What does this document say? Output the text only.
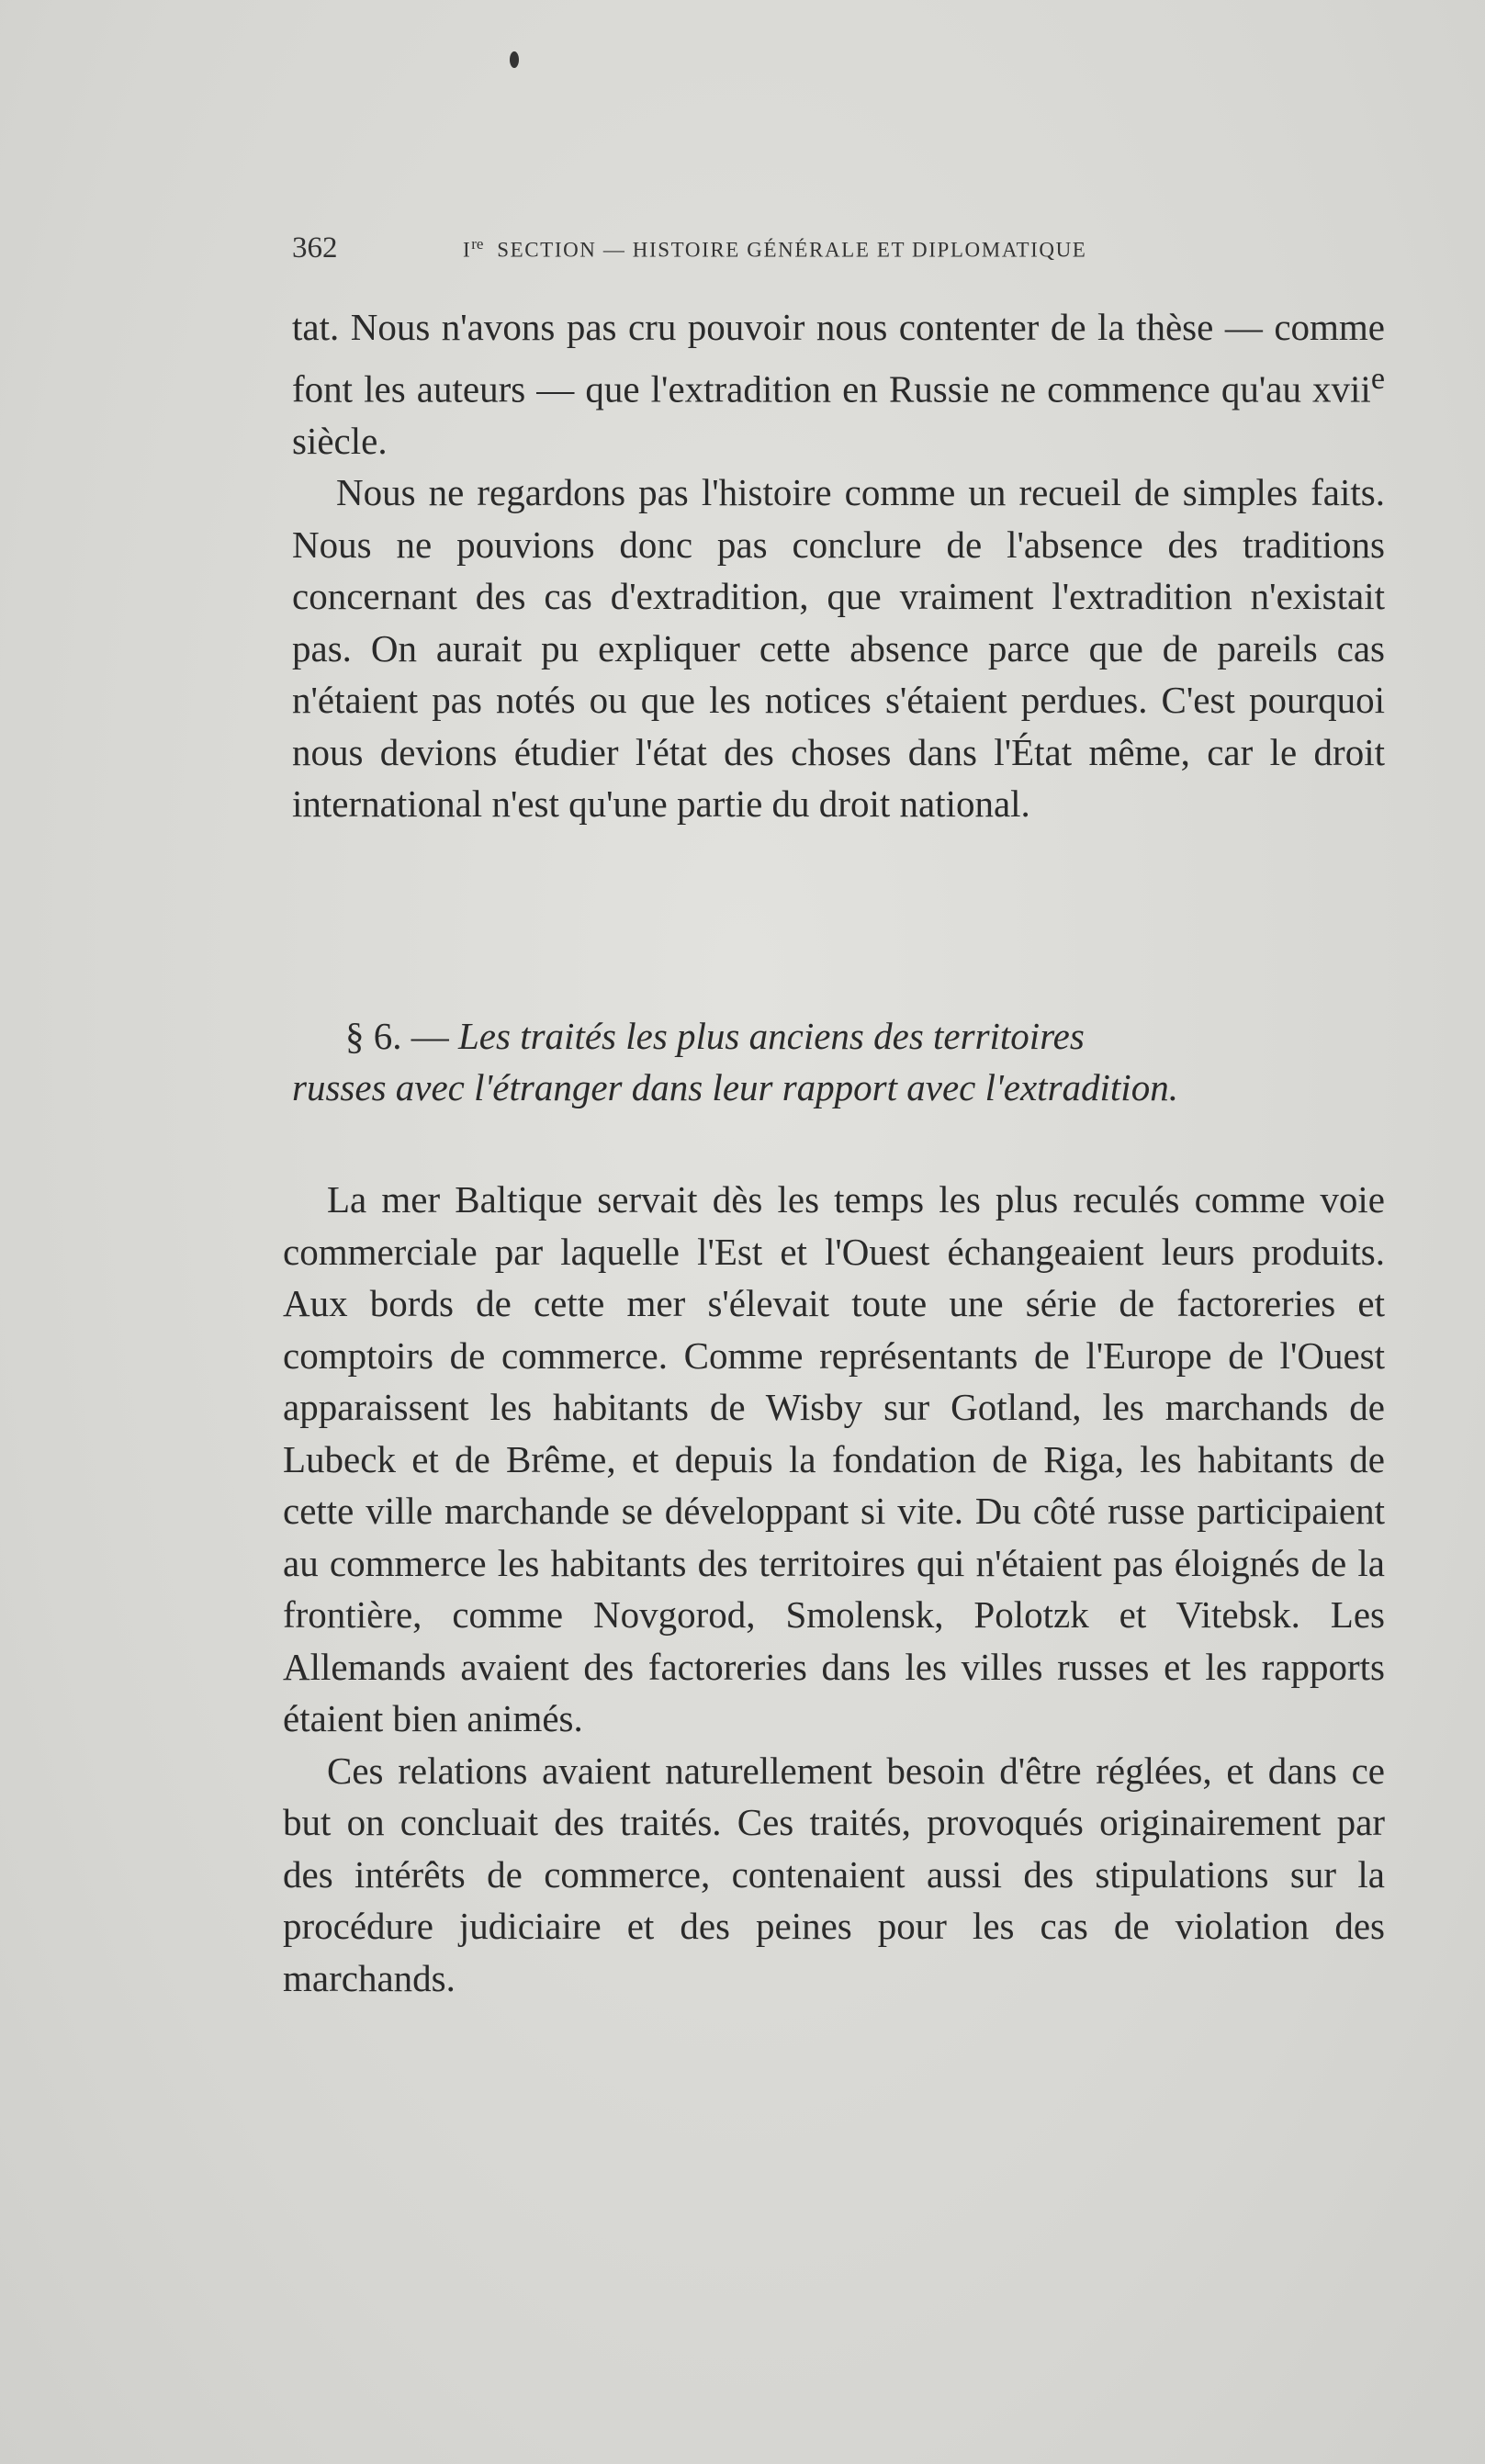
362	Ire SECTION — HISTOIRE GÉNÉRALE ET DIPLOMATIQUE

tat. Nous n'avons pas cru pouvoir nous contenter de la thèse — comme font les auteurs — que l'extradition en Russie ne commence qu'au xvii$^e$ siècle.

Nous ne regardons pas l'histoire comme un recueil de simples faits. Nous ne pouvions donc pas conclure de l'absence des traditions concernant des cas d'extradition, que vraiment l'extradition n'existait pas. On aurait pu expliquer cette absence parce que de pareils cas n'étaient pas notés ou que les notices s'étaient perdues. C'est pourquoi nous devions étudier l'état des choses dans l'État même, car le droit international n'est qu'une partie du droit national.

§ 6. — Les traités les plus anciens des territoires
russes avec l'étranger dans leur rapport avec l'extradition.

La mer Baltique servait dès les temps les plus reculés comme voie commerciale par laquelle l'Est et l'Ouest échangeaient leurs produits. Aux bords de cette mer s'élevait toute une série de factoreries et comptoirs de commerce. Comme représentants de l'Europe de l'Ouest apparaissent les habitants de Wisby sur Gotland, les marchands de Lubeck et de Brême, et depuis la fondation de Riga, les habitants de cette ville marchande se développant si vite. Du côté russe participaient au commerce les habitants des territoires qui n'étaient pas éloignés de la frontière, comme Novgorod, Smolensk, Polotzk et Vitebsk. Les Allemands avaient des factoreries dans les villes russes et les rapports étaient bien animés.

Ces relations avaient naturellement besoin d'être réglées, et dans ce but on concluait des traités. Ces traités, provoqués originairement par des intérêts de commerce, contenaient aussi des stipulations sur la procédure judiciaire et des peines pour les cas de violation des marchands.
